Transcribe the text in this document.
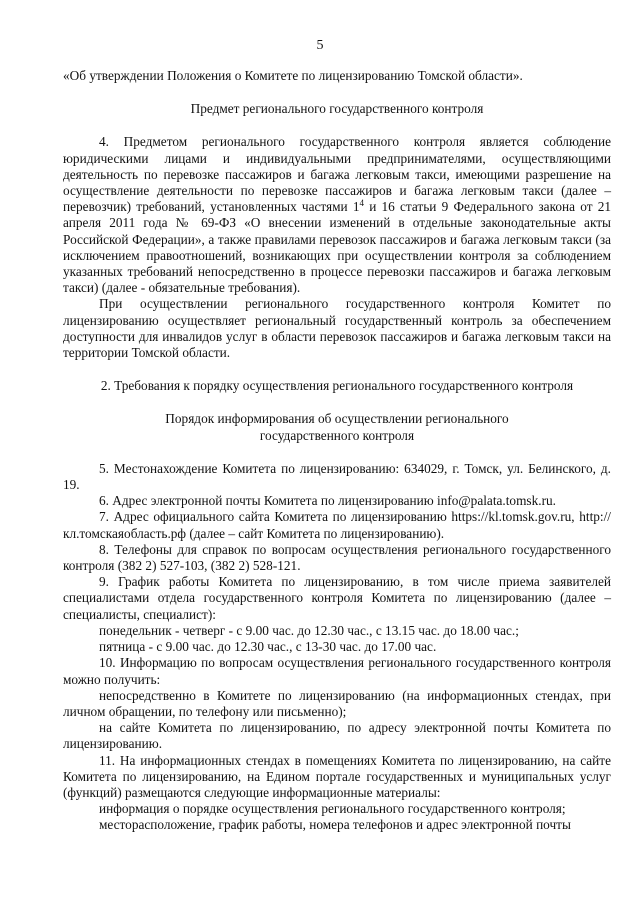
5

«Об утверждении Положения о Комитете по лицензированию Томской области».

Предмет регионального государственного контроля

4. Предметом регионального государственного контроля является соблюдение юридическими лицами и индивидуальными предпринимателями, осуществляющими деятельность по перевозке пассажиров и багажа легковым такси, имеющими разрешение на осуществление деятельности по перевозке пассажиров и багажа легковым такси (далее – перевозчик) требований, установленных частями $1^4$ и 16 статьи 9 Федерального закона от 21 апреля 2011 года № 69-ФЗ «О внесении изменений в отдельные законодательные акты Российской Федерации», а также правилами перевозок пассажиров и багажа легковым такси (за исключением правоотношений, возникающих при осуществлении контроля за соблюдением указанных требований непосредственно в процессе перевозки пассажиров и багажа легковым такси) (далее - обязательные требования).

При осуществлении регионального государственного контроля Комитет по лицензированию осуществляет региональный государственный контроль за обеспечением доступности для инвалидов услуг в области перевозок пассажиров и багажа легковым такси на территории Томской области.

2. Требования к порядку осуществления регионального государственного контроля

Порядок информирования об осуществлении регионального

государственного контроля

5. Местонахождение Комитета по лицензированию: 634029, г. Томск, ул. Белинского, д. 19.

6. Адрес электронной почты Комитета по лицензированию info@palata.tomsk.ru.

7. Адрес официального сайта Комитета по лицензированию https://kl.tomsk.gov.ru, http://кл.томскаяобласть.рф (далее – сайт Комитета по лицензированию).

8. Телефоны для справок по вопросам осуществления регионального государственного контроля (382 2) 527-103, (382 2) 528-121.

9. График работы Комитета по лицензированию, в том числе приема заявителей специалистами отдела государственного контроля Комитета по лицензированию (далее – специалисты, специалист):

понедельник - четверг - с 9.00 час. до 12.30 час., с 13.15 час. до 18.00 час.;

пятница - с 9.00 час. до 12.30 час., с 13-30 час. до 17.00 час.

10. Информацию по вопросам осуществления регионального государственного контроля можно получить:

непосредственно в Комитете по лицензированию (на информационных стендах, при личном обращении, по телефону или письменно);

на сайте Комитета по лицензированию, по адресу электронной почты Комитета по лицензированию.

11. На информационных стендах в помещениях Комитета по лицензированию, на сайте Комитета по лицензированию, на Едином портале государственных и муниципальных услуг (функций) размещаются следующие информационные материалы:

информация о порядке осуществления регионального государственного контроля;

месторасположение, график работы, номера телефонов и адрес электронной почты
